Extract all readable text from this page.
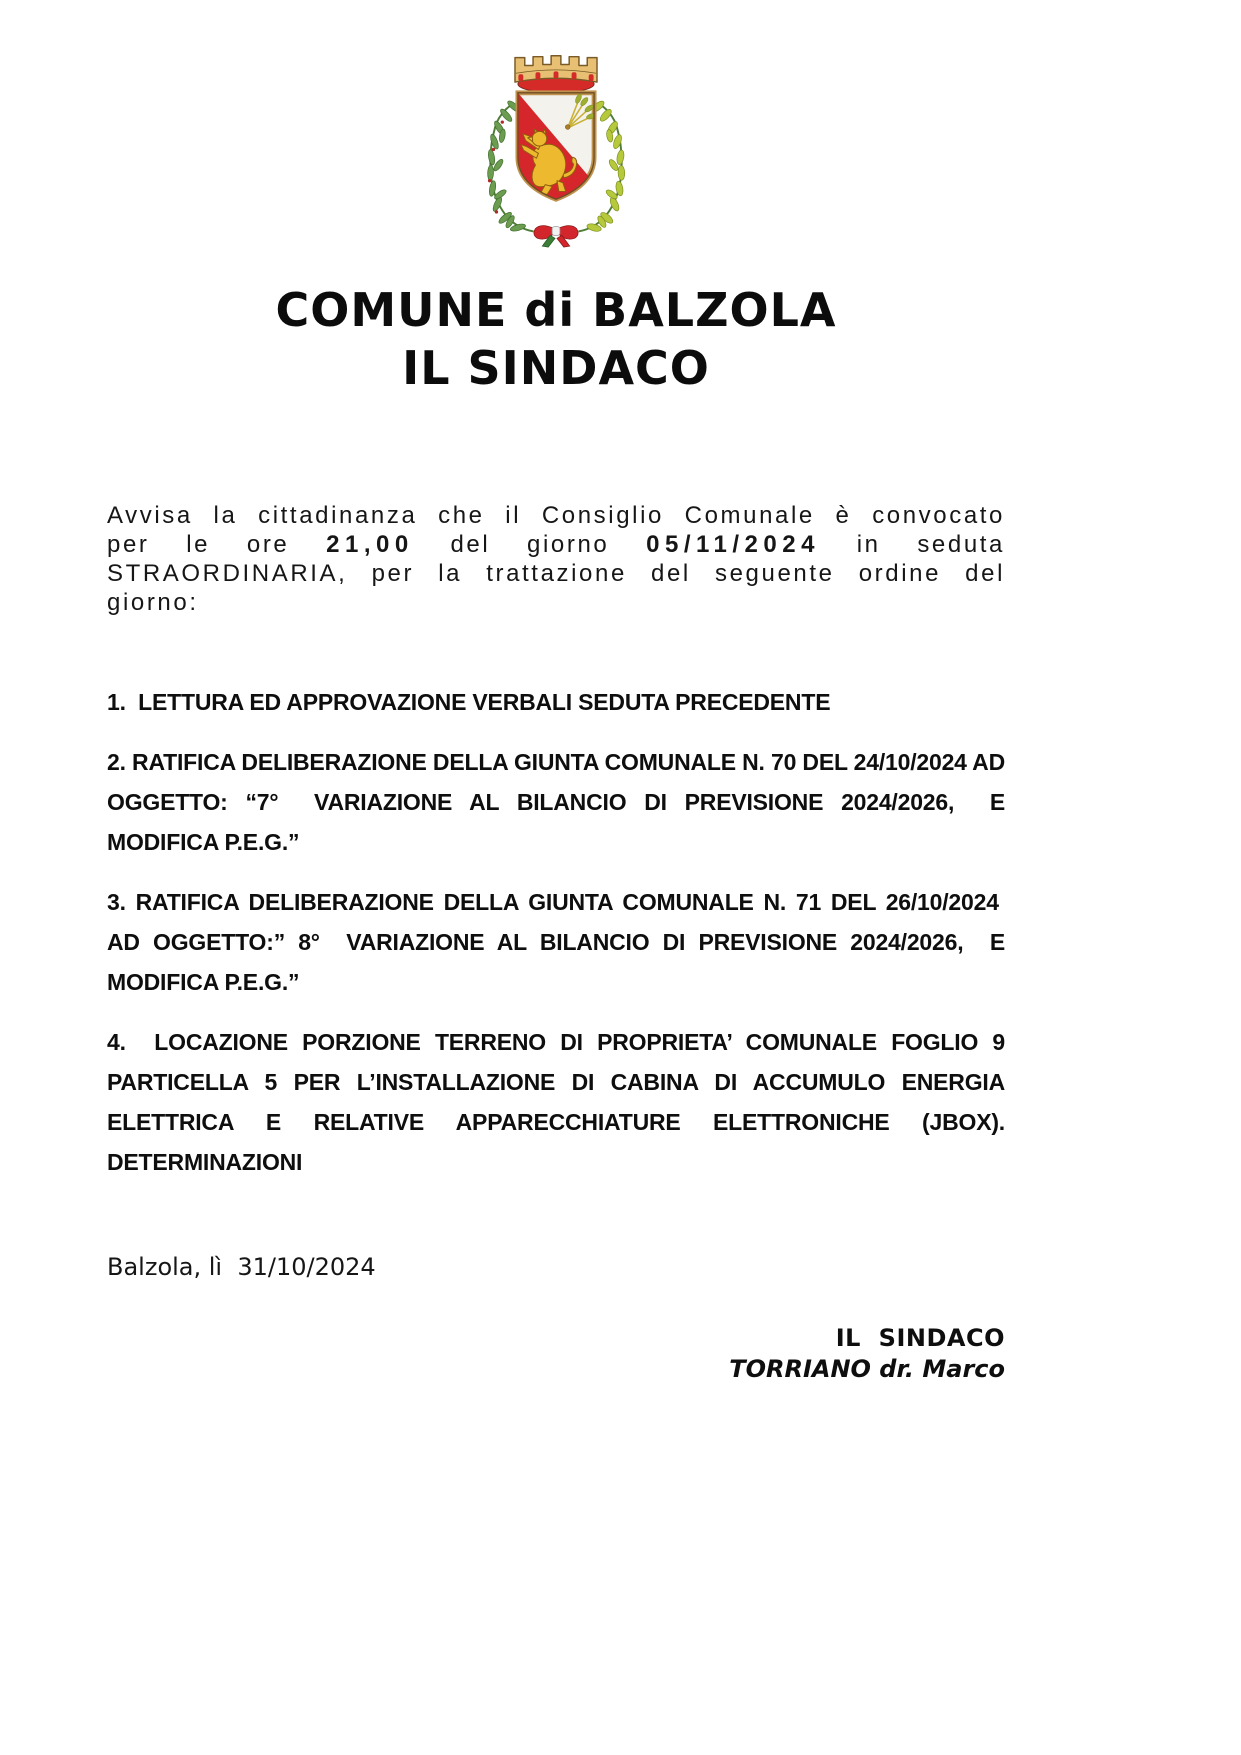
COMUNE di BALZOLA
IL SINDACO

Avvisa la cittadinanza che il Consiglio Comunale è convocato per le ore 21,00 del giorno 05/11/2024 in seduta STRAORDINARIA, per la trattazione del seguente ordine del giorno:

1.  LETTURA ED APPROVAZIONE VERBALI SEDUTA PRECEDENTE

2. RATIFICA DELIBERAZIONE DELLA GIUNTA COMUNALE N. 70 DEL 24/10/2024 AD OGGETTO: “7°  VARIAZIONE AL BILANCIO DI PREVISIONE 2024/2026,  E MODIFICA P.E.G.”

3. RATIFICA DELIBERAZIONE DELLA GIUNTA COMUNALE N. 71 DEL 26/10/2024  AD OGGETTO:” 8°  VARIAZIONE AL BILANCIO DI PREVISIONE 2024/2026,  E MODIFICA P.E.G.”

4.  LOCAZIONE PORZIONE TERRENO DI PROPRIETA’ COMUNALE FOGLIO 9 PARTICELLA 5 PER L’INSTALLAZIONE DI CABINA DI ACCUMULO ENERGIA ELETTRICA E RELATIVE APPARECCHIATURE ELETTRONICHE (JBOX). DETERMINAZIONI

Balzola, lì  31/10/2024
IL  SINDACO
TORRIANO dr. Marco
